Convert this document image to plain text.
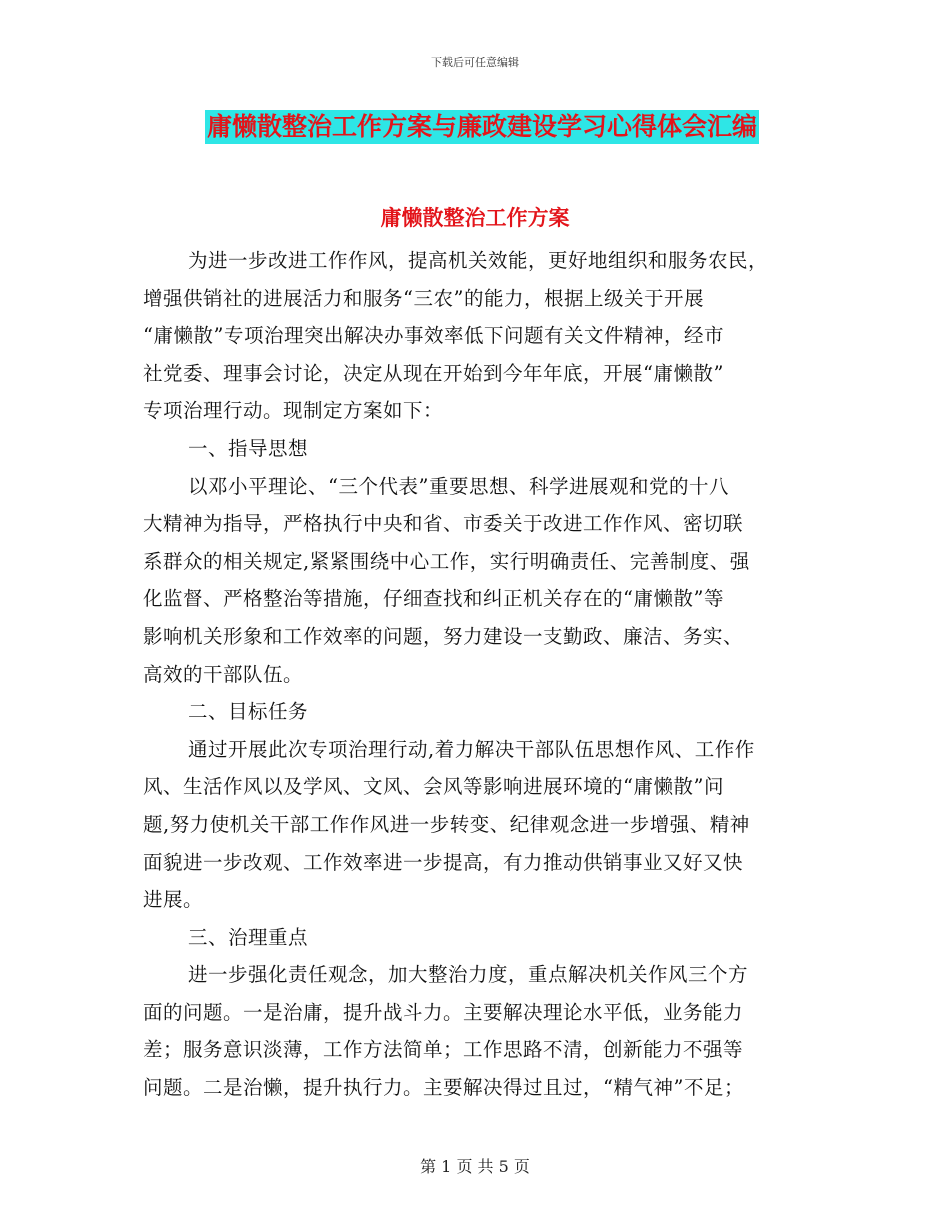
下载后可任意编辑
庸懒散整治工作方案与廉政建设学习心得体会汇编
庸懒散整治工作方案
为进一步改进工作作风，提高机关效能，更好地组织和服务农民，
增强供销社的进展活力和服务“三农”的能力，根据上级关于开展
“庸懒散”专项治理突出解决办事效率低下问题有关文件精神，经市
社党委、理事会讨论，决定从现在开始到今年年底，开展“庸懒散”
专项治理行动。现制定方案如下：
一、指导思想
以邓小平理论、“三个代表”重要思想、科学进展观和党的十八
大精神为指导，严格执行中央和省、市委关于改进工作作风、密切联
系群众的相关规定,紧紧围绕中心工作，实行明确责任、完善制度、强
化监督、严格整治等措施，仔细查找和纠正机关存在的“庸懒散”等
影响机关形象和工作效率的问题，努力建设一支勤政、廉洁、务实、
高效的干部队伍。
二、目标任务
通过开展此次专项治理行动,着力解决干部队伍思想作风、工作作
风、生活作风以及学风、文风、会风等影响进展环境的“庸懒散”问
题,努力使机关干部工作作风进一步转变、纪律观念进一步增强、精神
面貌进一步改观、工作效率进一步提高，有力推动供销事业又好又快
进展。
三、治理重点
进一步强化责任观念，加大整治力度，重点解决机关作风三个方
面的问题。一是治庸，提升战斗力。主要解决理论水平低，业务能力
差；服务意识淡薄，工作方法简单；工作思路不清，创新能力不强等
问题。二是治懒，提升执行力。主要解决得过且过，“精气神”不足；
第 1 页 共 5 页
